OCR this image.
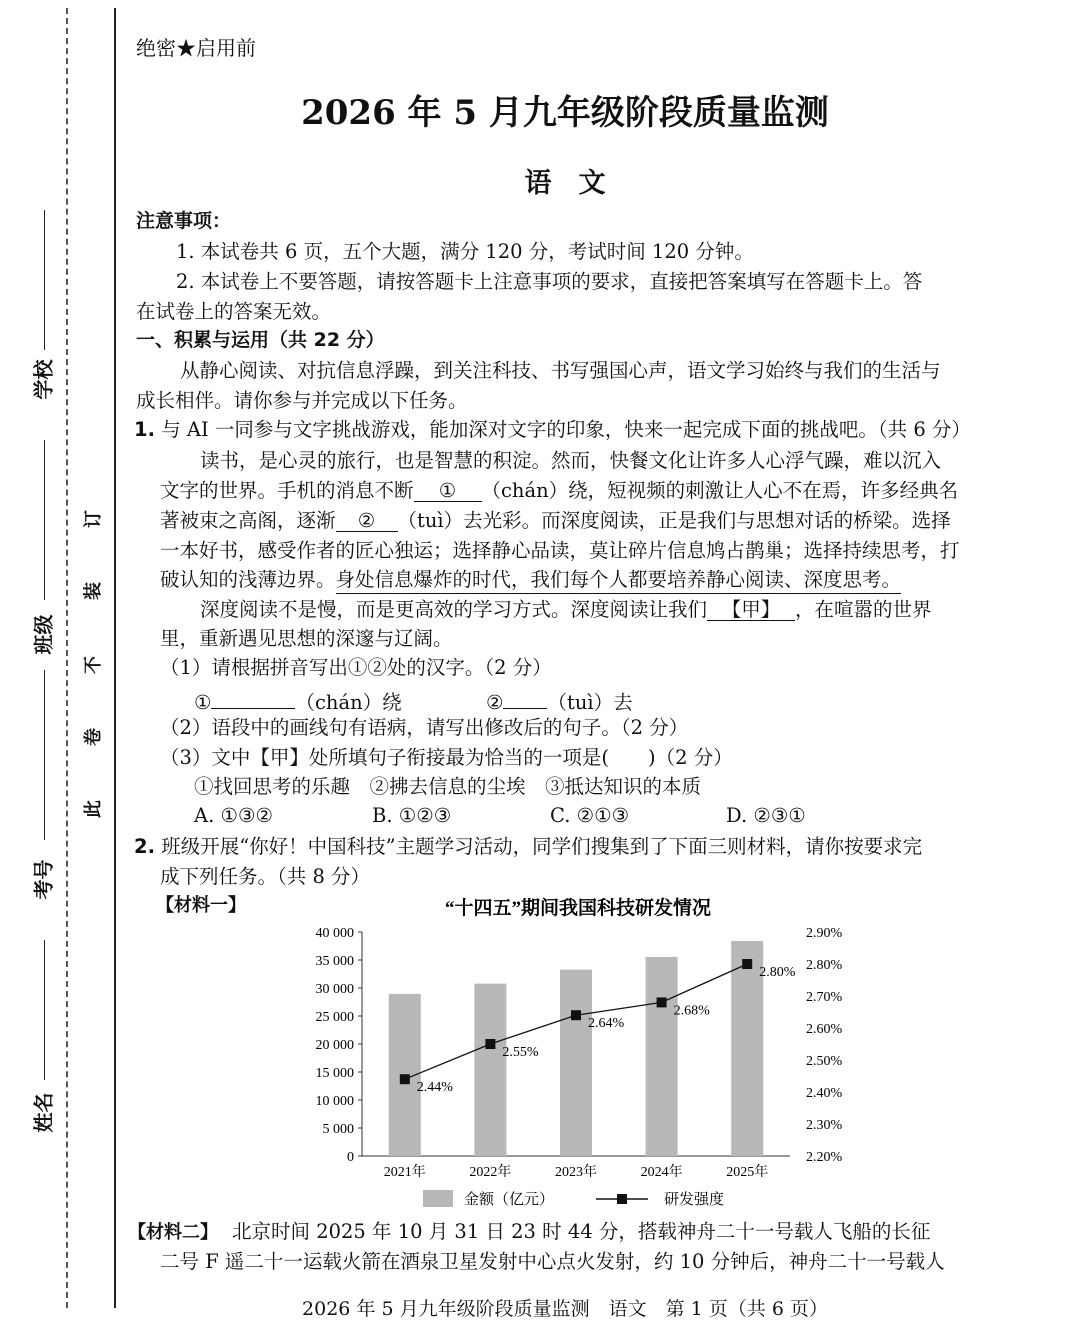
学校
班级
考号
姓名
订
装
不
卷
此
绝密★启用前
2026 年 5 月九年级阶段质量监测
语　文
注意事项：
1. 本试卷共 6 页，五个大题，满分 120 分，考试时间 120 分钟。
2. 本试卷上不要答题，请按答题卡上注意事项的要求，直接把答案填写在答题卡上。答
在试卷上的答案无效。
一、积累与运用（共 22 分）
从静心阅读、对抗信息浮躁，到关注科技、书写强国心声，语文学习始终与我们的生活与
成长相伴。请你参与并完成以下任务。
1. 与 AI 一同参与文字挑战游戏，能加深对文字的印象，快来一起完成下面的挑战吧。（共 6 分）
读书，是心灵的旅行，也是智慧的积淀。然而，快餐文化让许多人心浮气躁，难以沉入
文字的世界。手机的消息不断 ① （chán）绕，短视频的刺激让人心不在焉，许多经典名
著被束之高阁，逐渐 ② （tuì）去光彩。而深度阅读，正是我们与思想对话的桥梁。选择
一本好书，感受作者的匠心独运；选择静心品读，莫让碎片信息鸠占鹊巢；选择持续思考，打
破认知的浅薄边界。身处信息爆炸的时代，我们每个人都要培养静心阅读、深度思考。
深度阅读不是慢，而是更高效的学习方式。深度阅读让我们 【甲】 ，在喧嚣的世界
里，重新遇见思想的深邃与辽阔。
（1）请根据拼音写出①②处的汉字。（2 分）
①	（chán）绕	② （tuì）去
（2）语段中的画线句有语病，请写出修改后的句子。（2 分）
（3）文中【甲】处所填句子衔接最为恰当的一项是(　　)（2 分）
①找回思考的乐趣　②拂去信息的尘埃　③抵达知识的本质
A. ①③②	B. ①②③	C. ②①③	D. ②③①
2. 班级开展“你好！中国科技”主题学习活动，同学们搜集到了下面三则材料，请你按要求完
成下列任务。（共 8 分）
【材料一】	“十四五”期间我国科技研发情况
40 000
35 000
30 000
25 000
20 000
15 000
10 000
5 000
0
2.90%
2.80%
2.70%
2.60%
2.50%
2.40%
2.30%
2.20%
2021年	2022年	2023年	2024年	2025年
2.44%
2.55%
2.64%
2.68%
2.80%
金额（亿元）	研发强度
【材料二】 北京时间 2025 年 10 月 31 日 23 时 44 分，搭载神舟二十一号载人飞船的长征
二号 F 遥二十一运载火箭在酒泉卫星发射中心点火发射，约 10 分钟后，神舟二十一号载人
2026 年 5 月九年级阶段质量监测　语文　第 1 页（共 6 页）
